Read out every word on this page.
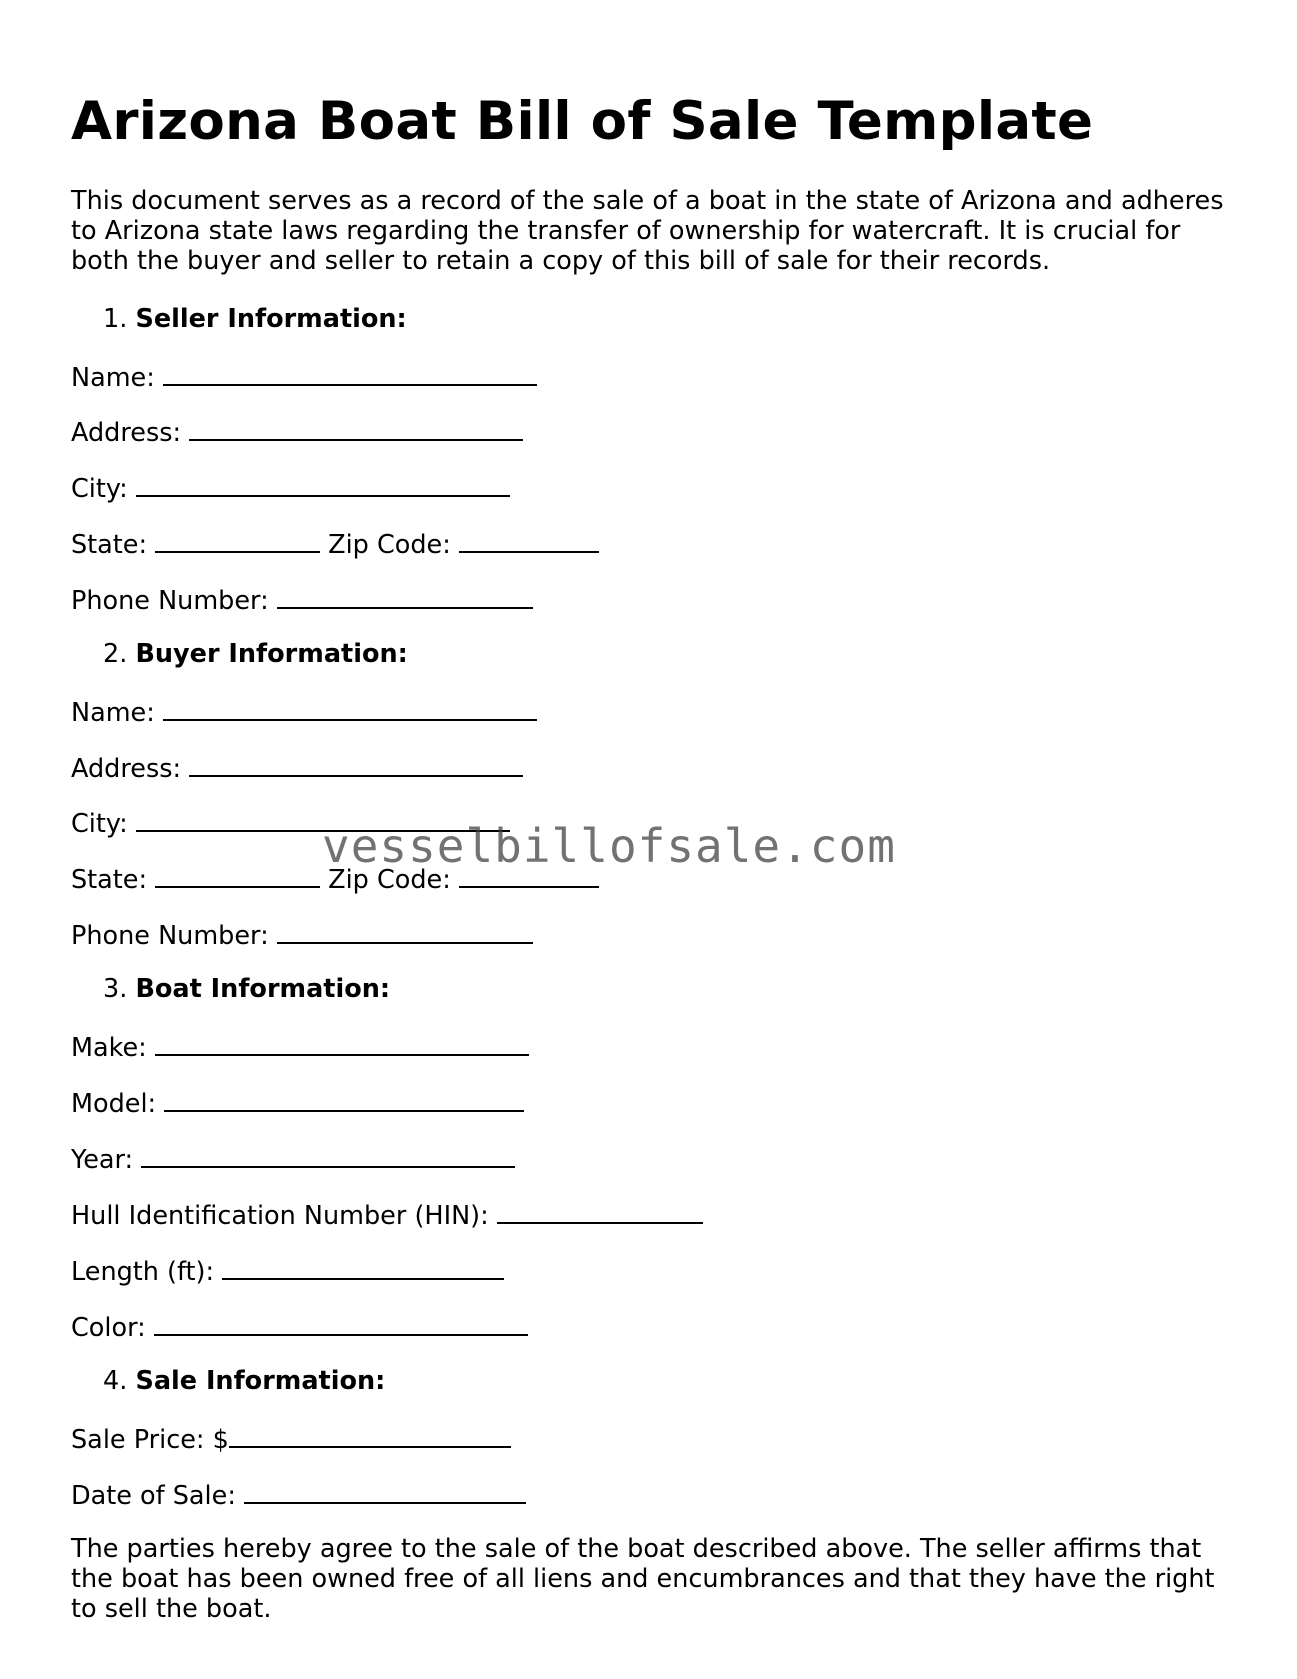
Arizona Boat Bill of Sale Template

This document serves as a record of the sale of a boat in the state of Arizona and adheres to Arizona state laws regarding the transfer of ownership for watercraft. It is crucial for both the buyer and seller to retain a copy of this bill of sale for their records.

1. Seller Information:
Name:
Address:
City:
State:	Zip Code:
Phone Number:
2. Buyer Information:
Name:
Address:
City:
State:	Zip Code:
Phone Number:
3. Boat Information:
Make:
Model:
Year:
Hull Identification Number (HIN):
Length (ft):
Color:
4. Sale Information:
Sale Price: $
Date of Sale:

The parties hereby agree to the sale of the boat described above. The seller affirms that the boat has been owned free of all liens and encumbrances and that they have the right to sell the boat.

vesselbillofsale.com
